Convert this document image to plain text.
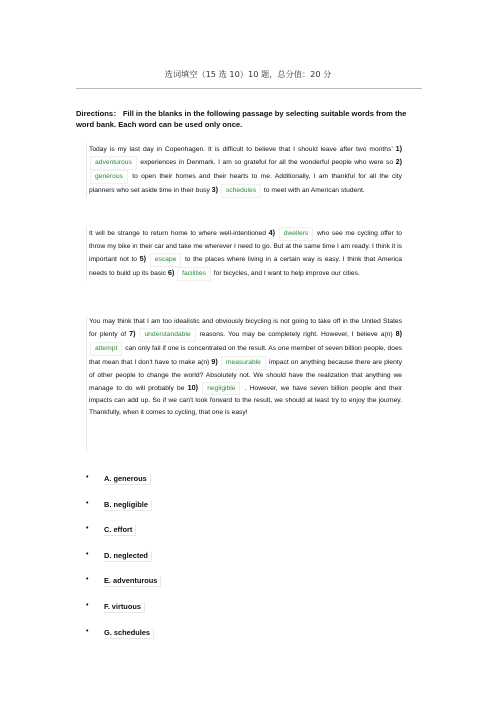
选词填空（15 选 10）10 题，总分值：20 分
Directions： Fill in the blanks in the following passage by selecting suitable words from the word bank. Each word can be used only once.
Today is my last day in Copenhagen. It is difficult to believe that I should leave after two months’ 1) adventurous experiences in Denmark. I am so grateful for all the wonderful people who were so 2) generous to open their homes and their hearts to me. Additionally, I am thankful for all the city planners who set aside time in their busy 3) schedules to meet with an American student.
It will be strange to return home to where well-intentioned 4) dwellers who see me cycling offer to throw my bike in their car and take me wherever I need to go. But at the same time I am ready. I think it is important not to 5) escape to the places where living in a certain way is easy. I think that America needs to build up its basic 6) facilities for bicycles, and I want to help improve our cities.
You may think that I am too idealistic and obviously bicycling is not going to take off in the United States for plenty of 7) understandable reasons. You may be completely right. However, I believe a(n) 8) attempt can only fail if one is concentrated on the result. As one member of seven billion people, does that mean that I don't have to make a(n) 9) measurable impact on anything because there are plenty of other people to change the world? Absolutely not. We should have the realization that anything we manage to do will probably be 10) negligible . However, we have seven billion people and their impacts can add up. So if we can't look forward to the result, we should at least try to enjoy the journey. Thankfully, when it comes to cycling, that one is easy!
• A. generous
• B. negligible
• C. effort
• D. neglected
• E. adventurous
• F. virtuous
• G. schedules
